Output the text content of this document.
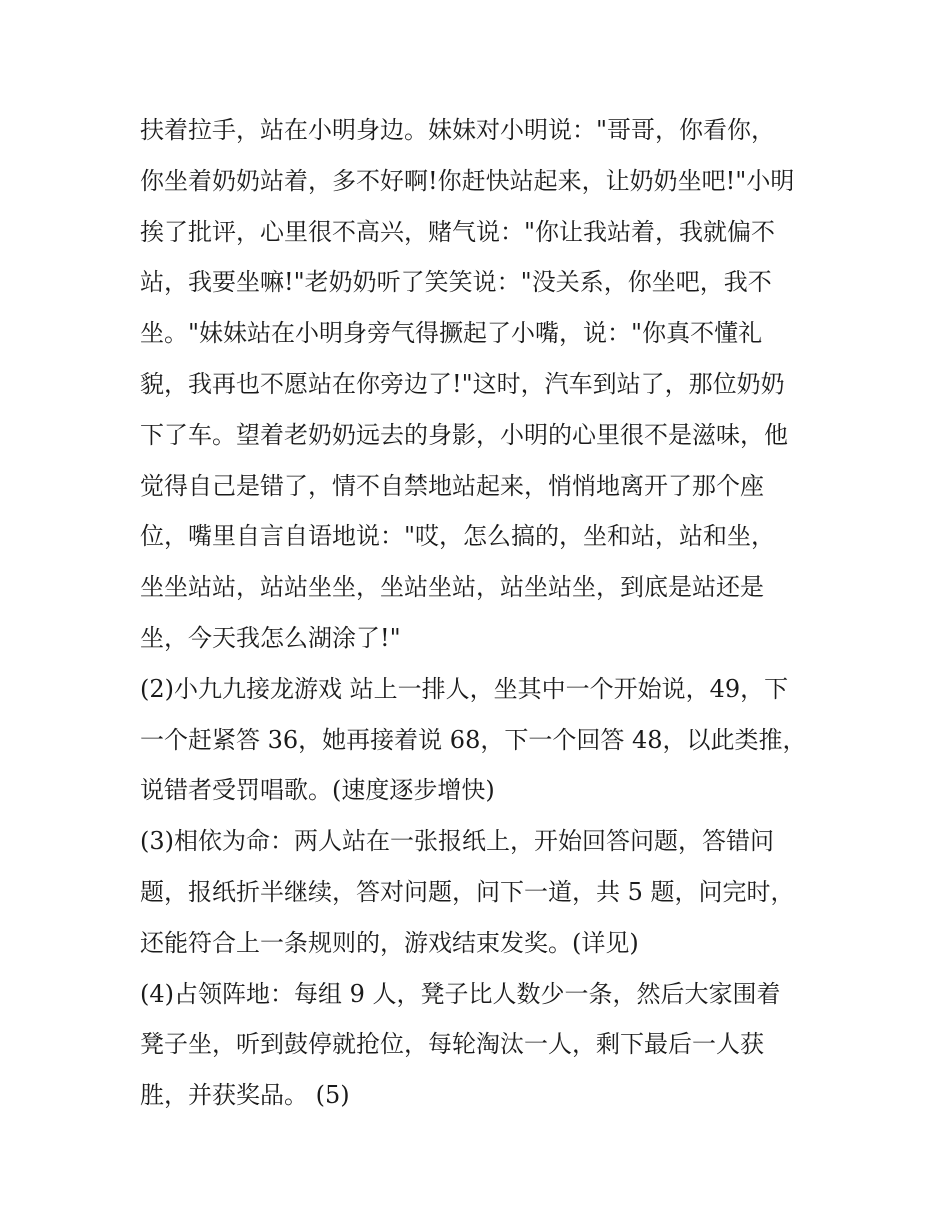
扶着拉手，站在小明身边。妹妹对小明说："哥哥，你看你，
你坐着奶奶站着，多不好啊!你赶快站起来，让奶奶坐吧!"小明
挨了批评，心里很不高兴，赌气说："你让我站着，我就偏不
站，我要坐嘛!"老奶奶听了笑笑说："没关系，你坐吧，我不
坐。"妹妹站在小明身旁气得撅起了小嘴，说："你真不懂礼
貌，我再也不愿站在你旁边了!"这时，汽车到站了，那位奶奶
下了车。望着老奶奶远去的身影，小明的心里很不是滋味，他
觉得自己是错了，情不自禁地站起来，悄悄地离开了那个座
位，嘴里自言自语地说："哎，怎么搞的，坐和站，站和坐，
坐坐站站，站站坐坐，坐站坐站，站坐站坐，到底是站还是
坐，今天我怎么湖涂了!"
(2)小九九接龙游戏 站上一排人，坐其中一个开始说，49，下
一个赶紧答 36，她再接着说 68，下一个回答 48，以此类推，
说错者受罚唱歌。(速度逐步增快)
(3)相依为命：两人站在一张报纸上，开始回答问题，答错问
题，报纸折半继续，答对问题，问下一道，共 5 题，问完时，
还能符合上一条规则的，游戏结束发奖。(详见)
(4)占领阵地：每组 9 人，凳子比人数少一条，然后大家围着
凳子坐，听到鼓停就抢位，每轮淘汰一人，剩下最后一人获
胜，并获奖品。 (5)
